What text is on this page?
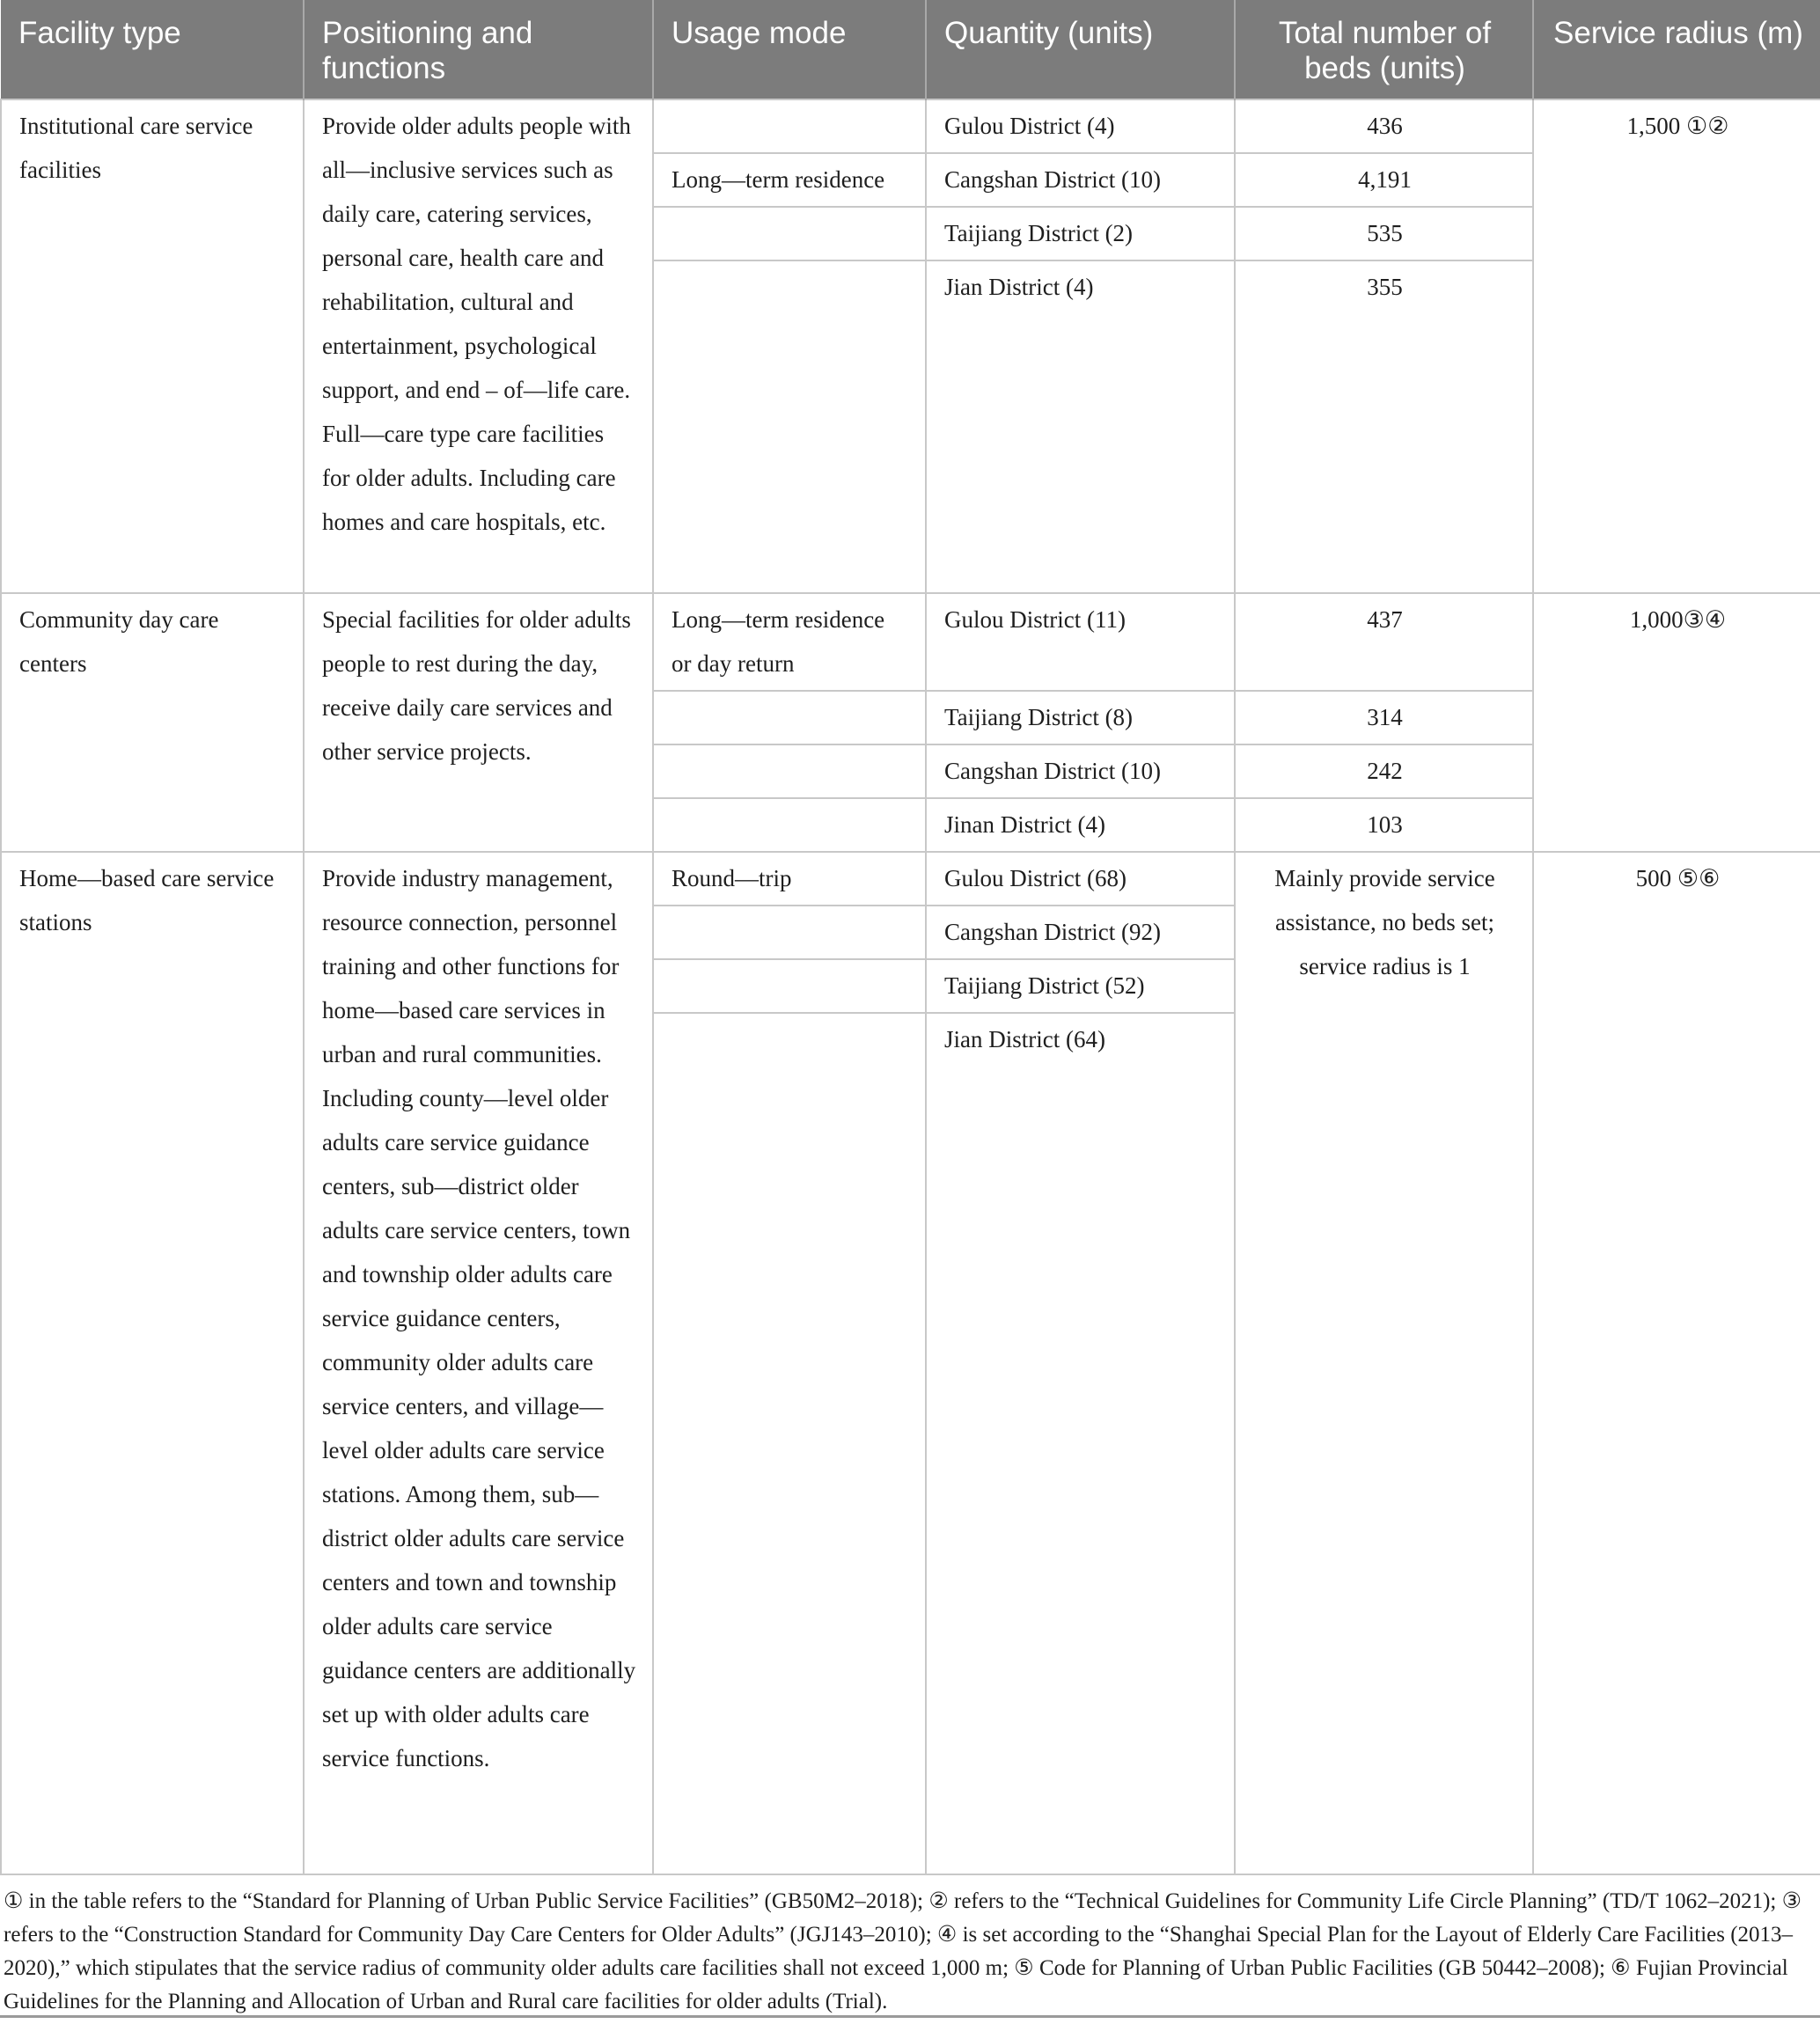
Facility type	Positioning and functions	Usage mode	Quantity (units)	Total number of beds (units)	Service radius (m)
Institutional care service facilities	Provide older adults people with all—inclusive services such as daily care, catering services, personal care, health care and rehabilitation, cultural and entertainment, psychological support, and end – of—life care. Full—care type care facilities for older adults. Including care homes and care hospitals, etc.		Gulou District (4)	436	1,500 ①②
		Long—term residence	Cangshan District (10)	4,191	
			Taijiang District (2)	535	
			Jian District (4)	355	
Community day care centers	Special facilities for older adults people to rest during the day, receive daily care services and other service projects.	Long—term residence or day return	Gulou District (11)	437	1,000③④
			Taijiang District (8)	314	
			Cangshan District (10)	242	
			Jinan District (4)	103	
Home—based care service stations	Provide industry management, resource connection, personnel training and other functions for home—based care services in urban and rural communities. Including county—level older adults care service guidance centers, sub—district older adults care service centers, town and township older adults care service guidance centers, community older adults care service centers, and village—level older adults care service stations. Among them, sub—district older adults care service centers and town and township older adults care service guidance centers are additionally set up with older adults care service functions.	Round—trip	Gulou District (68)	Mainly provide service assistance, no beds set; service radius is 1	500 ⑤⑥
			Cangshan District (92)		
			Taijiang District (52)		
			Jian District (64)		
① in the table refers to the “Standard for Planning of Urban Public Service Facilities” (GB50M2–2018); ② refers to the “Technical Guidelines for Community Life Circle Planning” (TD/T 1062–2021); ③ refers to the “Construction Standard for Community Day Care Centers for Older Adults” (JGJ143–2010); ④ is set according to the “Shanghai Special Plan for the Layout of Elderly Care Facilities (2013–2020),” which stipulates that the service radius of community older adults care facilities shall not exceed 1,000 m; ⑤ Code for Planning of Urban Public Facilities (GB 50442–2008); ⑥ Fujian Provincial Guidelines for the Planning and Allocation of Urban and Rural care facilities for older adults (Trial).
